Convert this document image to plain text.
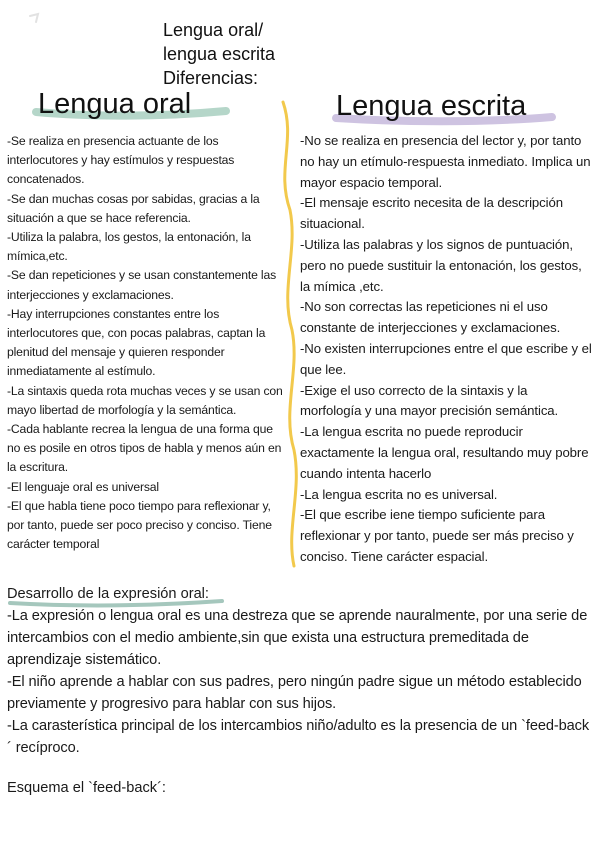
Lengua oral/
lengua escrita
Diferencias:
Lengua oral	Lengua escrita
-Se realiza en presencia actuante de los interlocutores y hay estímulos y respuestas concatenados.
-Se dan muchas cosas por sabidas, gracias a la situación a que se hace referencia.
-Utiliza la palabra, los gestos, la entonación, la mímica,etc.
-Se dan repeticiones y se usan constantemente las interjecciones y exclamaciones.
-Hay interrupciones constantes entre los interlocutores que, con pocas palabras, captan la plenitud del mensaje y quieren responder inmediatamente al estímulo.
-La sintaxis queda rota muchas veces y se usan con mayo libertad de morfología y la semántica.
-Cada hablante recrea la lengua de una forma que no es posile en otros tipos de habla y menos aún en la escritura.
-El lenguaje oral es universal
-El que habla tiene poco tiempo para reflexionar y, por tanto, puede ser poco preciso y conciso. Tiene carácter temporal
-No se realiza en presencia del lector y, por tanto no hay un etímulo-respuesta inmediato. Implica un mayor espacio temporal.
-El mensaje escrito necesita de la descripción situacional.
-Utiliza las palabras y los signos de puntuación, pero no puede sustituir la entonación, los gestos, la mímica ,etc.
-No son correctas las repeticiones ni el uso constante de interjecciones y exclamaciones.
-No existen interrupciones entre el que escribe y el que lee.
-Exige el uso correcto de la sintaxis y la morfología y una mayor precisión semántica.
-La lengua escrita no puede reproducir exactamente la lengua oral, resultando muy pobre cuando intenta hacerlo
-La lengua escrita no es universal.
-El que escribe iene tiempo suficiente para reflexionar y por tanto, puede ser más preciso y conciso. Tiene carácter espacial.
Desarrollo de la expresión oral:
-La expresión o lengua oral es una destreza que se aprende nauralmente, por una serie de intercambios con el medio ambiente,sin que exista una estructura premeditada de aprendizaje sistemático.
-El niño aprende a hablar con sus padres, pero ningún padre sigue un método establecido previamente y progresivo para hablar con sus hijos.
-La carasterística principal de los intercambios niño/adulto es la presencia de un `feed-back´ recíproco.
Esquema el `feed-back´:
